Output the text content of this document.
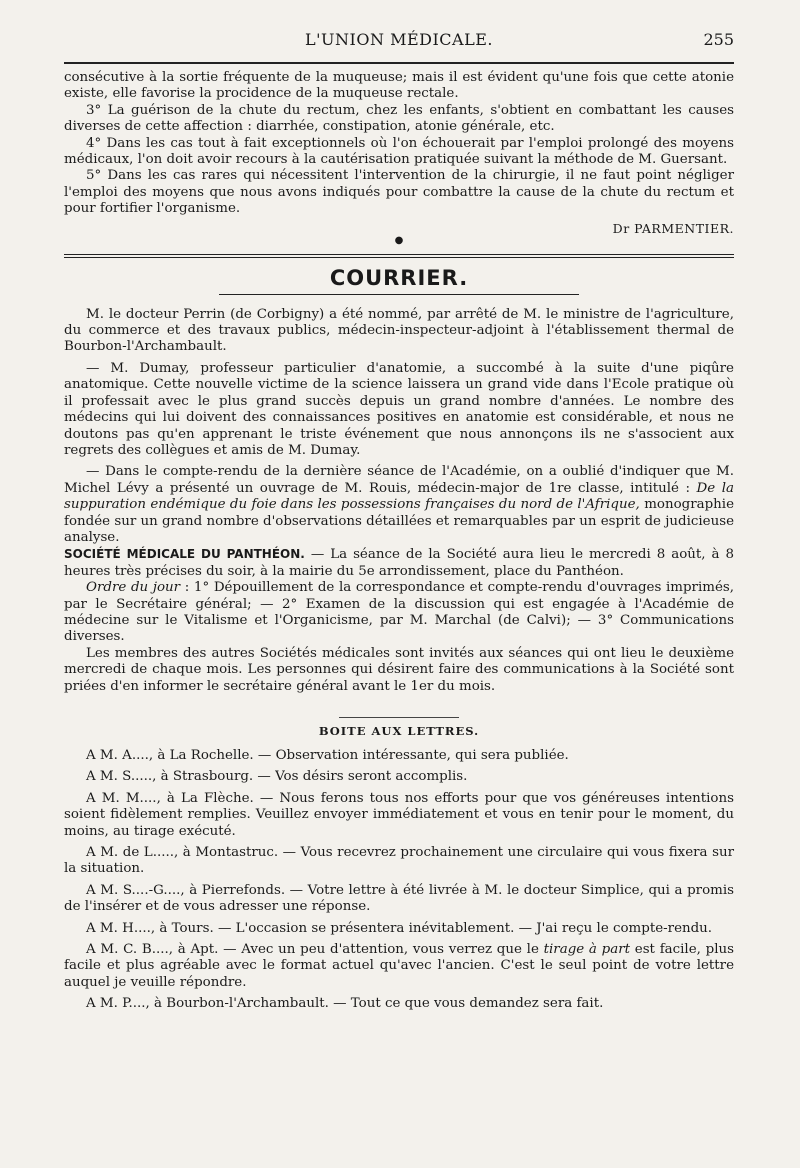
L'UNION MÉDICALE.	255

consécutive à la sortie fréquente de la muqueuse; mais il est évident qu'une fois que cette atonie existe, elle favorise la procidence de la muqueuse rectale.

3° La guérison de la chute du rectum, chez les enfants, s'obtient en combattant les causes diverses de cette affection : diarrhée, constipation, atonie générale, etc.

4° Dans les cas tout à fait exceptionnels où l'on échouerait par l'emploi prolongé des moyens médicaux, l'on doit avoir recours à la cautérisation pratiquée suivant la méthode de M. Guersant.

5° Dans les cas rares qui nécessitent l'intervention de la chirurgie, il ne faut point négliger l'emploi des moyens que nous avons indiqués pour combattre la cause de la chute du rectum et pour fortifier l'organisme.

Dr PARMENTIER.
●
COURRIER.

M. le docteur Perrin (de Corbigny) a été nommé, par arrêté de M. le ministre de l'agriculture, du commerce et des travaux publics, médecin-inspecteur-adjoint à l'établissement thermal de Bourbon-l'Archambault.

— M. Dumay, professeur particulier d'anatomie, a succombé à la suite d'une piqûre anatomique. Cette nouvelle victime de la science laissera un grand vide dans l'Ecole pratique où il professait avec le plus grand succès depuis un grand nombre d'années. Le nombre des médecins qui lui doivent des connaissances positives en anatomie est considérable, et nous ne doutons pas qu'en apprenant le triste événement que nous annonçons ils ne s'associent aux regrets des collègues et amis de M. Dumay.

— Dans le compte-rendu de la dernière séance de l'Académie, on a oublié d'indiquer que M. Michel Lévy a présenté un ouvrage de M. Rouis, médecin-major de 1re classe, intitulé : De la suppuration endémique du foie dans les possessions françaises du nord de l'Afrique, monographie fondée sur un grand nombre d'observations détaillées et remarquables par un esprit de judicieuse analyse.

SOCIÉTÉ MÉDICALE DU PANTHÉON. — La séance de la Société aura lieu le mercredi 8 août, à 8 heures très précises du soir, à la mairie du 5e arrondissement, place du Panthéon.

Ordre du jour : 1° Dépouillement de la correspondance et compte-rendu d'ouvrages imprimés, par le Secrétaire général; — 2° Examen de la discussion qui est engagée à l'Académie de médecine sur le Vitalisme et l'Organicisme, par M. Marchal (de Calvi); — 3° Communications diverses.

Les membres des autres Sociétés médicales sont invités aux séances qui ont lieu le deuxième mercredi de chaque mois. Les personnes qui désirent faire des communications à la Société sont priées d'en informer le secrétaire général avant le 1er du mois.

BOITE AUX LETTRES.

A M. A...., à La Rochelle. — Observation intéressante, qui sera publiée.

A M. S....., à Strasbourg. — Vos désirs seront accomplis.

A M. M...., à La Flèche. — Nous ferons tous nos efforts pour que vos généreuses intentions soient fidèlement remplies. Veuillez envoyer immédiatement et vous en tenir pour le moment, du moins, au tirage exécuté.

A M. de L....., à Montastruc. — Vous recevrez prochainement une circulaire qui vous fixera sur la situation.

A M. S....-G...., à Pierrefonds. — Votre lettre à été livrée à M. le docteur Simplice, qui a promis de l'insérer et de vous adresser une réponse.

A M. H...., à Tours. — L'occasion se présentera inévitablement. — J'ai reçu le compte-rendu.

A M. C. B...., à Apt. — Avec un peu d'attention, vous verrez que le tirage à part est facile, plus facile et plus agréable avec le format actuel qu'avec l'ancien. C'est le seul point de votre lettre auquel je veuille répondre.

A M. P...., à Bourbon-l'Archambault. — Tout ce que vous demandez sera fait.
